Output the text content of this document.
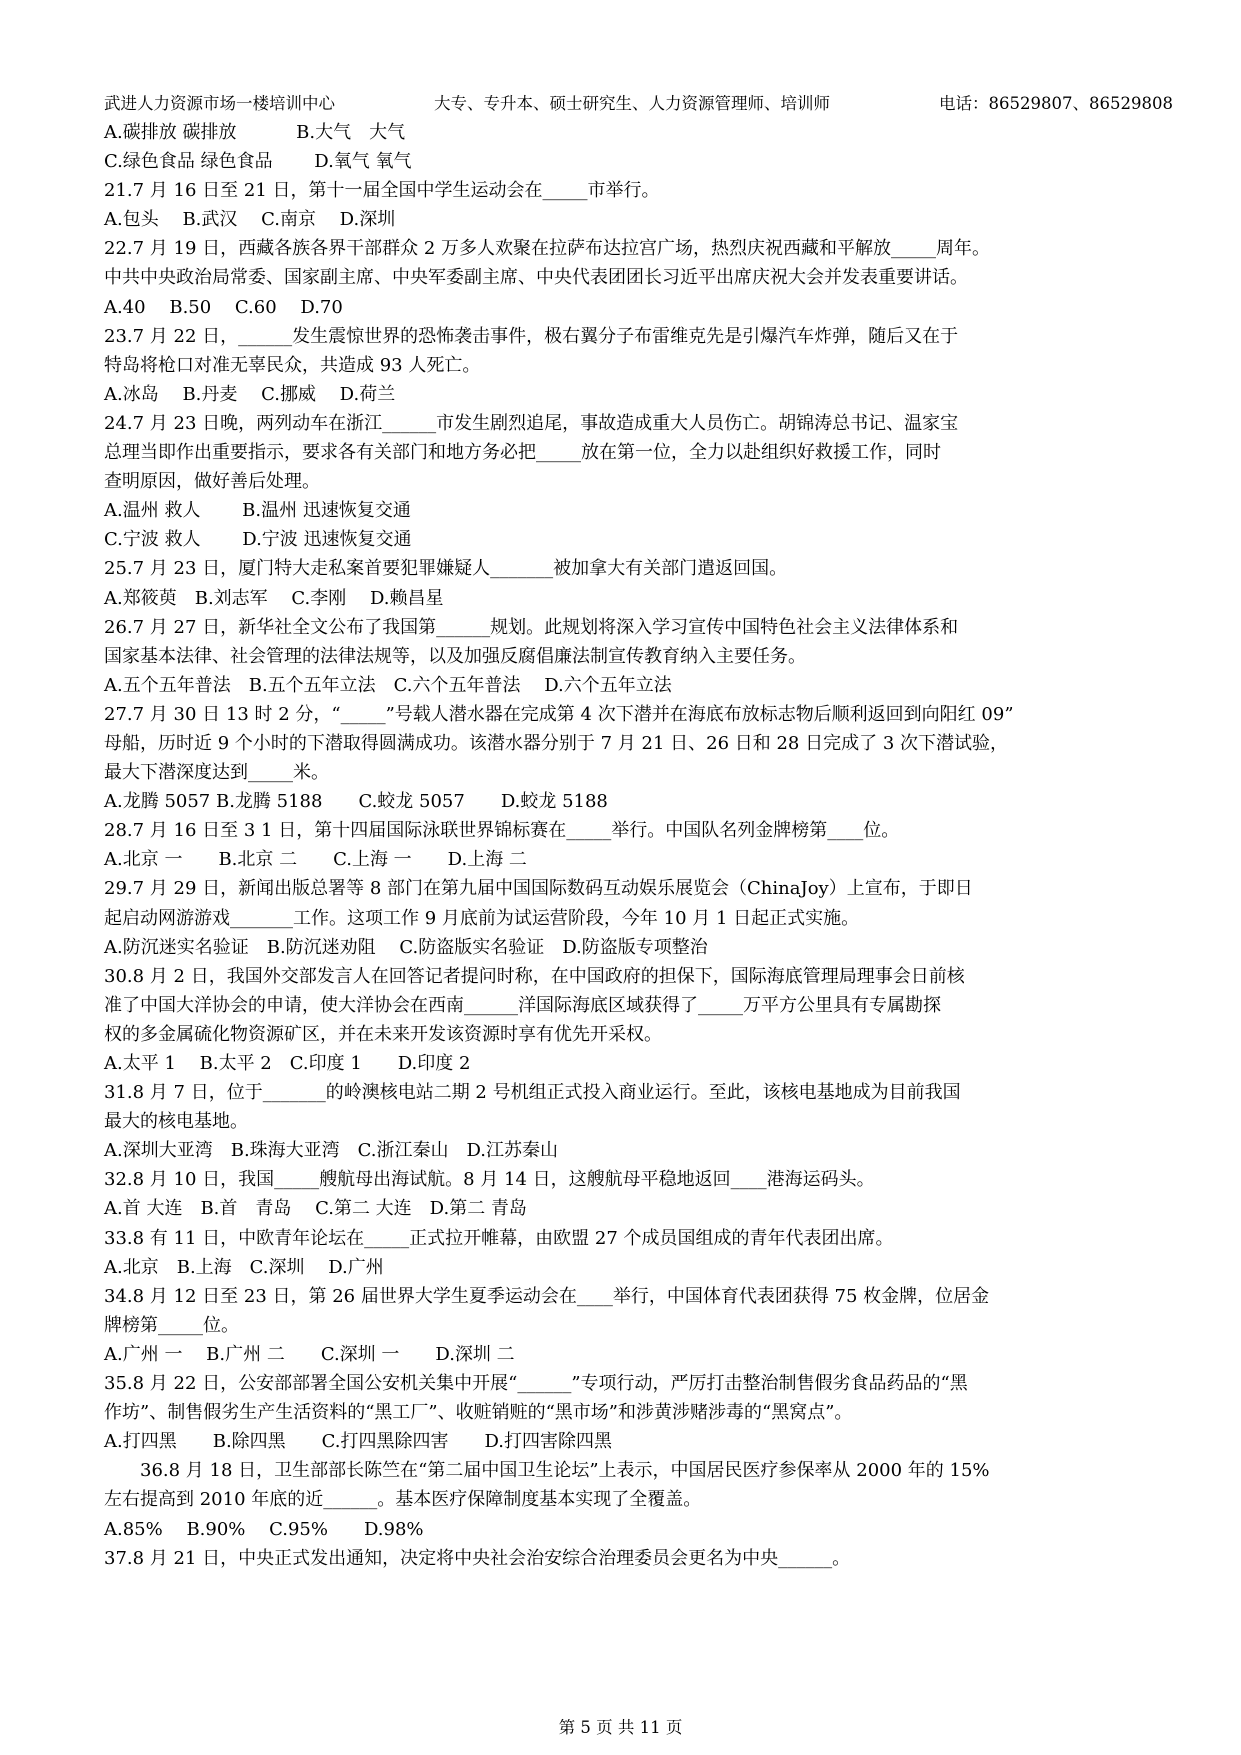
武进人力资源市场一楼培训中心	大专、专升本、硕士研究生、人力资源管理师、培训师	电话：86529807、86529808
A.碳排放 碳排放　　　 B.大气　大气
C.绿色食品 绿色食品　　 D.氧气 氧气
21.7 月 16 日至 21 日，第十一届全国中学生运动会在_____市举行。
A.包头　 B.武汉　 C.南京　 D.深圳
22.7 月 19 日，西藏各族各界干部群众 2 万多人欢聚在拉萨布达拉宫广场，热烈庆祝西藏和平解放_____周年。
中共中央政治局常委、国家副主席、中央军委副主席、中央代表团团长习近平出席庆祝大会并发表重要讲话。
A.40　 B.50　 C.60　 D.70
23.7 月 22 日，______发生震惊世界的恐怖袭击事件，极右翼分子布雷维克先是引爆汽车炸弹，随后又在于
特岛将枪口对准无辜民众，共造成 93 人死亡。
A.冰岛　 B.丹麦　 C.挪威　 D.荷兰
24.7 月 23 日晚，两列动车在浙江______市发生剧烈追尾，事故造成重大人员伤亡。胡锦涛总书记、温家宝
总理当即作出重要指示，要求各有关部门和地方务必把_____放在第一位，全力以赴组织好救援工作，同时
查明原因，做好善后处理。
A.温州 救人　　 B.温州 迅速恢复交通
C.宁波 救人　　 D.宁波 迅速恢复交通
25.7 月 23 日，厦门特大走私案首要犯罪嫌疑人_______被加拿大有关部门遣返回国。
A.郑筱萸　B.刘志军　 C.李刚　 D.赖昌星
26.7 月 27 日，新华社全文公布了我国第______规划。此规划将深入学习宣传中国特色社会主义法律体系和
国家基本法律、社会管理的法律法规等，以及加强反腐倡廉法制宣传教育纳入主要任务。
A.五个五年普法　B.五个五年立法　C.六个五年普法　 D.六个五年立法
27.7 月 30 日 13 时 2 分，“_____”号载人潜水器在完成第 4 次下潜并在海底布放标志物后顺利返回到向阳红 09”
母船，历时近 9 个小时的下潜取得圆满成功。该潜水器分别于 7 月 21 日、26 日和 28 日完成了 3 次下潜试验，
最大下潜深度达到_____米。
A.龙腾 5057 B.龙腾 5188　　C.蛟龙 5057　　D.蛟龙 5188
28.7 月 16 日至 3 1 日，第十四届国际泳联世界锦标赛在_____举行。中国队名列金牌榜第____位。
A.北京 一　　B.北京 二　　C.上海 一　　D.上海 二
29.7 月 29 日，新闻出版总署等 8 部门在第九届中国国际数码互动娱乐展览会（ChinaJoy）上宣布，于即日
起启动网游游戏_______工作。这项工作 9 月底前为试运营阶段，今年 10 月 1 日起正式实施。
A.防沉迷实名验证　B.防沉迷劝阻　 C.防盗版实名验证　D.防盗版专项整治
30.8 月 2 日，我国外交部发言人在回答记者提问时称，在中国政府的担保下，国际海底管理局理事会日前核
准了中国大洋协会的申请，使大洋协会在西南______洋国际海底区域获得了_____万平方公里具有专属勘探
权的多金属硫化物资源矿区，并在未来开发该资源时享有优先开采权。
A.太平 1　 B.太平 2　C.印度 1　　D.印度 2
31.8 月 7 日，位于_______的岭澳核电站二期 2 号机组正式投入商业运行。至此，该核电基地成为目前我国
最大的核电基地。
A.深圳大亚湾　B.珠海大亚湾　C.浙江秦山　D.江苏秦山
32.8 月 10 日，我国_____艘航母出海试航。8 月 14 日，这艘航母平稳地返回____港海运码头。
A.首 大连　B.首　青岛　 C.第二 大连　D.第二 青岛
33.8 有 11 日，中欧青年论坛在_____正式拉开帷幕，由欧盟 27 个成员国组成的青年代表团出席。
A.北京　B.上海　C.深圳　 D.广州
34.8 月 12 日至 23 日，第 26 届世界大学生夏季运动会在____举行，中国体育代表团获得 75 枚金牌，位居金
牌榜第_____位。
A.广州 一　 B.广州 二　　C.深圳 一　　D.深圳 二
35.8 月 22 日，公安部部署全国公安机关集中开展“______”专项行动，严厉打击整治制售假劣食品药品的“黑
作坊”、制售假劣生产生活资料的“黑工厂”、收赃销赃的“黑市场”和涉黄涉赌涉毒的“黑窝点”。
A.打四黑　　B.除四黑　　C.打四黑除四害　　D.打四害除四黑
　　36.8 月 18 日，卫生部部长陈竺在“第二届中国卫生论坛”上表示，中国居民医疗参保率从 2000 年的 15%
左右提高到 2010 年底的近______。基本医疗保障制度基本实现了全覆盖。
A.85%　 B.90%　 C.95%　　D.98%
37.8 月 21 日，中央正式发出通知，决定将中央社会治安综合治理委员会更名为中央______。
第 5 页 共 11 页
